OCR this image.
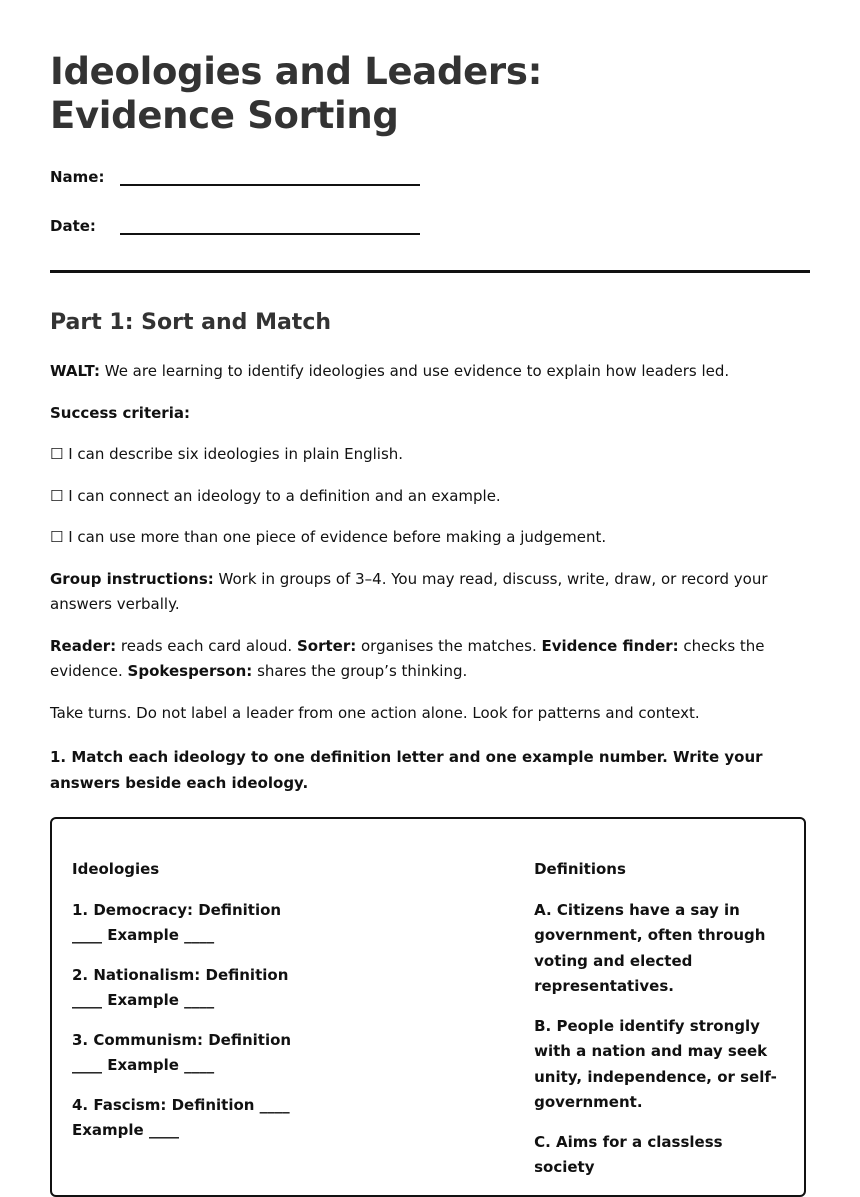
Ideologies and Leaders: Evidence Sorting
Name:
Date:
Part 1: Sort and Match

WALT: We are learning to identify ideologies and use evidence to explain how leaders led.

Success criteria:

☐ I can describe six ideologies in plain English.

☐ I can connect an ideology to a definition and an example.

☐ I can use more than one piece of evidence before making a judgement.

Group instructions: Work in groups of 3–4. You may read, discuss, write, draw, or record your answers verbally.

Reader: reads each card aloud. Sorter: organises the matches. Evidence finder: checks the evidence. Spokesperson: shares the group’s thinking.

Take turns. Do not label a leader from one action alone. Look for patterns and context.

1. Match each ideology to one definition letter and one example number. Write your answers beside each ideology.

Ideologies
1. Democracy: Definition ____ Example ____
2. Nationalism: Definition ____ Example ____
3. Communism: Definition ____ Example ____
4. Fascism: Definition ____ Example ____
Definitions
A. Citizens have a say in government, often through voting and elected representatives.
B. People identify strongly with a nation and may seek unity, independence, or self-government.
C. Aims for a classless society
